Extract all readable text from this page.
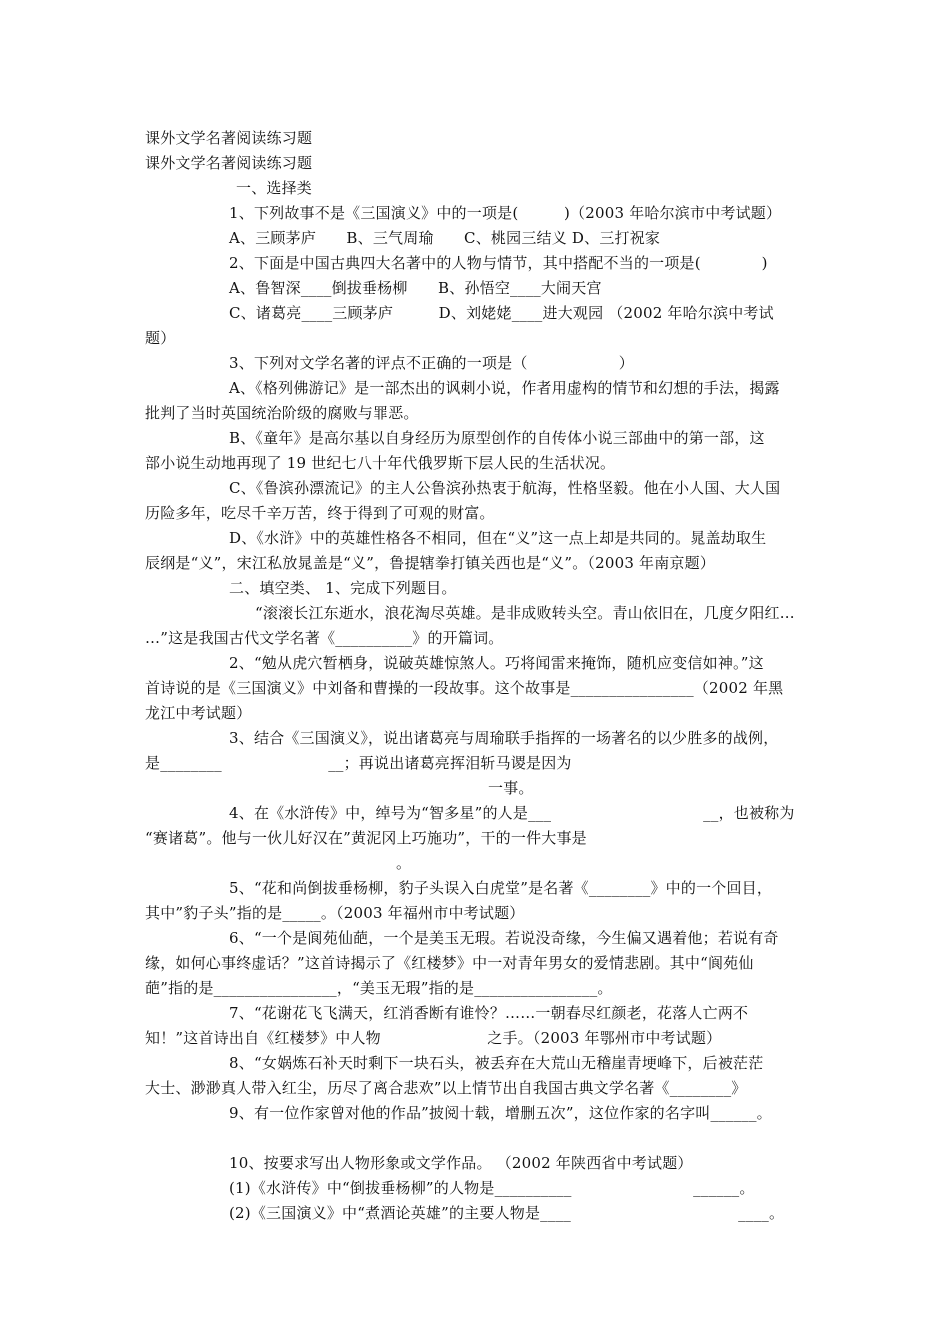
课外文学名著阅读练习题
课外文学名著阅读练习题
一、选择类
1、下列故事不是《三国演义》中的一项是(　　　)（2003 年哈尔滨市中考试题）
A、三顾茅庐　　B、三气周瑜　　C、桃园三结义 D、三打祝家
2、下面是中国古典四大名著中的人物与情节，其中搭配不当的一项是(　　　　)
A、鲁智深____倒拔垂杨柳　　B、孙悟空____大闹天宫
C、诸葛亮____三顾茅庐　　　D、刘姥姥____进大观园 （2002 年哈尔滨中考试
题）
3、下列对文学名著的评点不正确的一项是（　　　　　　）
A、《格列佛游记》是一部杰出的讽刺小说，作者用虚构的情节和幻想的手法，揭露
批判了当时英国统治阶级的腐败与罪恶。
B、《童年》是高尔基以自身经历为原型创作的自传体小说三部曲中的第一部，这
部小说生动地再现了 19 世纪七八十年代俄罗斯下层人民的生活状况。
C、《鲁滨孙漂流记》的主人公鲁滨孙热衷于航海，性格坚毅。他在小人国、大人国
历险多年，吃尽千辛万苦，终于得到了可观的财富。
D、《水浒》中的英雄性格各不相同，但在“义”这一点上却是共同的。晁盖劫取生
辰纲是“义”，宋江私放晁盖是“义”，鲁提辖拳打镇关西也是“义”。（2003 年南京题）
二、填空类、 1、完成下列题目。
“滚滚长江东逝水，浪花淘尽英雄。是非成败转头空。青山依旧在，几度夕阳红…
…”这是我国古代文学名著《__________》的开篇词。
2、“勉从虎穴暂栖身，说破英雄惊煞人。巧将闻雷来掩饰，随机应变信如神。”这
首诗说的是《三国演义》中刘备和曹操的一段故事。这个故事是________________（2002 年黑
龙江中考试题）
3、结合《三国演义》，说出诸葛亮与周瑜联手指挥的一场著名的以少胜多的战例，
是________　　　　　　　__；再说出诸葛亮挥泪斩马谡是因为
一事。
4、在《水浒传》中，绰号为“智多星”的人是___　　　　　　　　　　__，也被称为
“赛诸葛”。他与一伙儿好汉在”黄泥冈上巧施功”，干的一件大事是
。
5、“花和尚倒拔垂杨柳，豹子头误入白虎堂”是名著《________》中的一个回目，
其中”豹子头”指的是_____。（2003 年福州市中考试题）
6、“一个是阆苑仙葩，一个是美玉无瑕。若说没奇缘，今生偏又遇着他；若说有奇
缘，如何心事终虚话？”这首诗揭示了《红楼梦》中一对青年男女的爱情悲剧。其中“阆苑仙
葩”指的是________________，“美玉无瑕”指的是________________。
7、“花谢花飞飞满天，红消香断有谁怜？……一朝春尽红颜老，花落人亡两不
知！”这首诗出自《红楼梦》中人物　　　　　　　之手。（2003 年鄂州市中考试题）
8、“女娲炼石补天时剩下一块石头，被丢弃在大荒山无稽崖青埂峰下，后被茫茫
大士、渺渺真人带入红尘，历尽了离合悲欢”以上情节出自我国古典文学名著《________》
9、有一位作家曾对他的作品”披阅十载，增删五次”，这位作家的名字叫______。
10、按要求写出人物形象或文学作品。 （2002 年陕西省中考试题）
(1)《水浒传》中“倒拔垂杨柳”的人物是__________　　　　　　　　______。
(2)《三国演义》中“煮酒论英雄”的主要人物是____　　　　　　　　　　　____。
